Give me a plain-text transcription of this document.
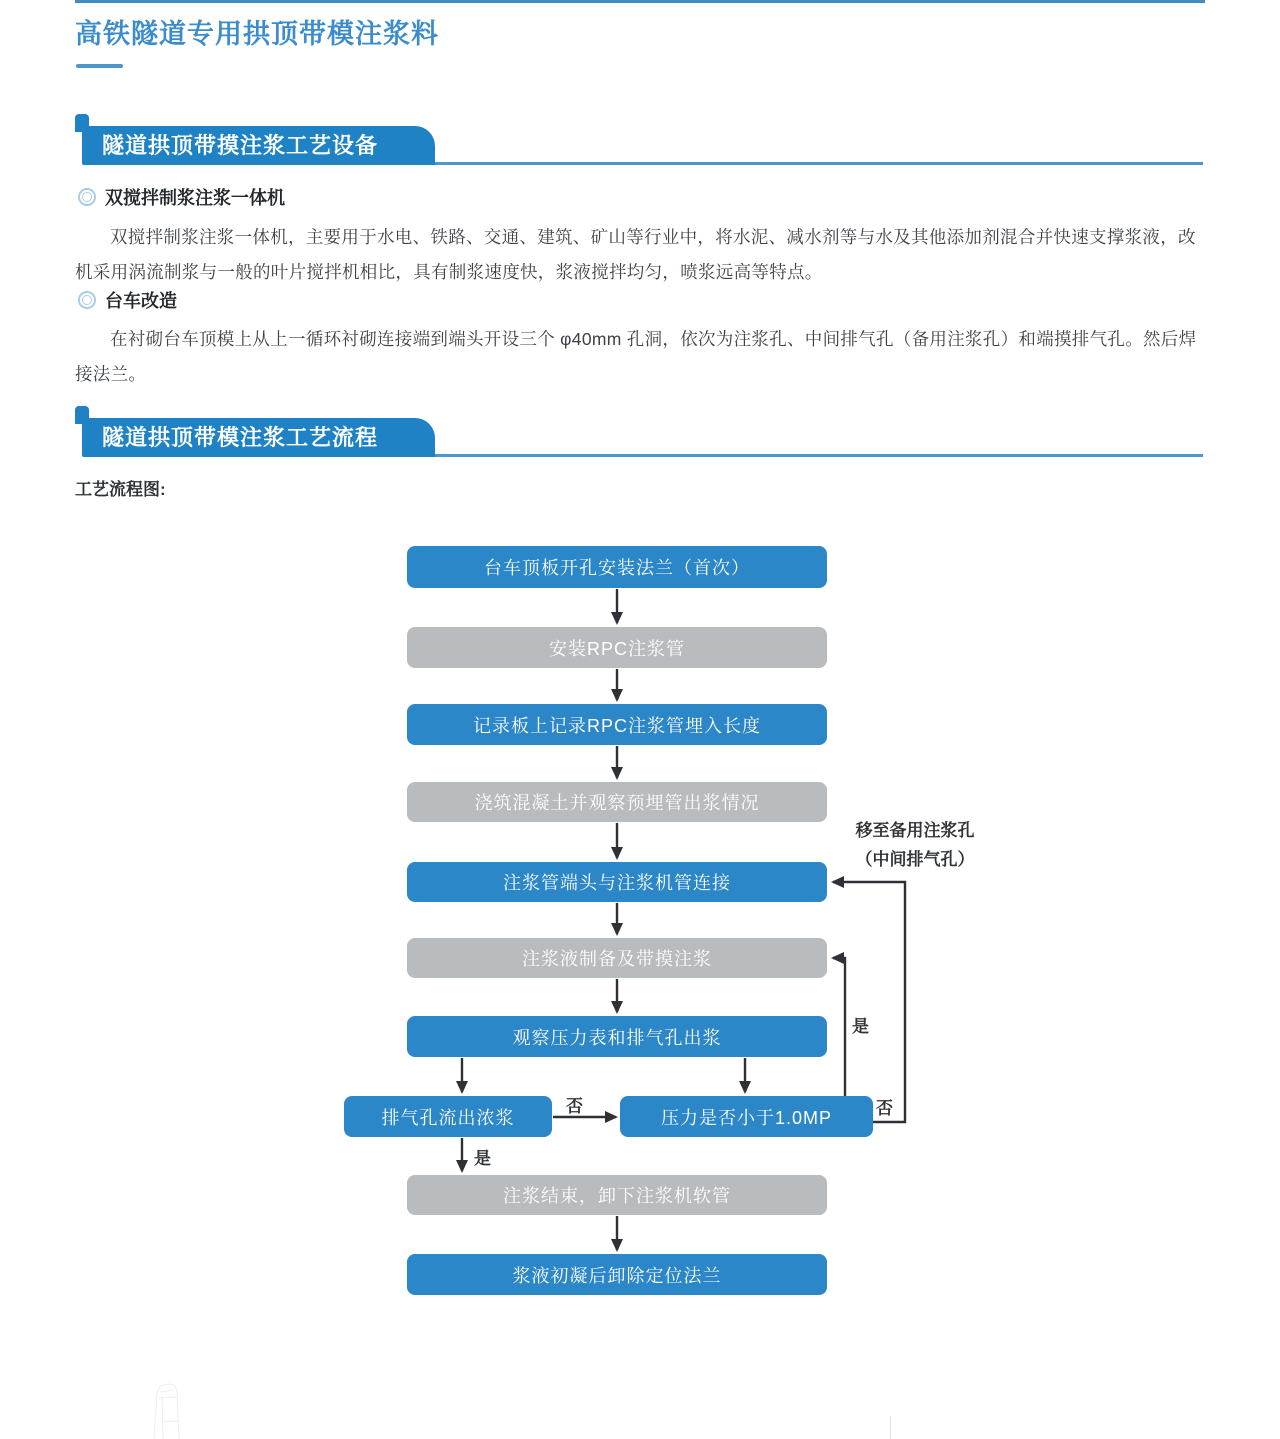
高铁隧道专用拱顶带模注浆料
隧道拱顶带摸注浆工艺设备
双搅拌制浆注浆一体机

双搅拌制浆注浆一体机，主要用于水电、铁路、交通、建筑、矿山等行业中，将水泥、减水剂等与水及其他添加剂混合并快速支撑浆液，改机采用涡流制浆与一般的叶片搅拌机相比，具有制浆速度快，浆液搅拌均匀，喷浆远高等特点。

台车改造

在衬砌台车顶模上从上一循环衬砌连接端到端头开设三个 φ40mm 孔洞，依次为注浆孔、中间排气孔（备用注浆孔）和端摸排气孔。然后焊接法兰。

隧道拱顶带模注浆工艺流程
工艺流程图:
台车顶板开孔安装法兰（首次）
安装RPC注浆管
记录板上记录RPC注浆管埋入长度
浇筑混凝土并观察预埋管出浆情况
注浆管端头与注浆机管连接
注浆液制备及带摸注浆
观察压力表和排气孔出浆
排气孔流出浓浆	压力是否小于1.0MP
注浆结束，卸下注浆机软管
浆液初凝后卸除定位法兰
否
是
否
是
移至备用注浆孔
（中间排气孔）
